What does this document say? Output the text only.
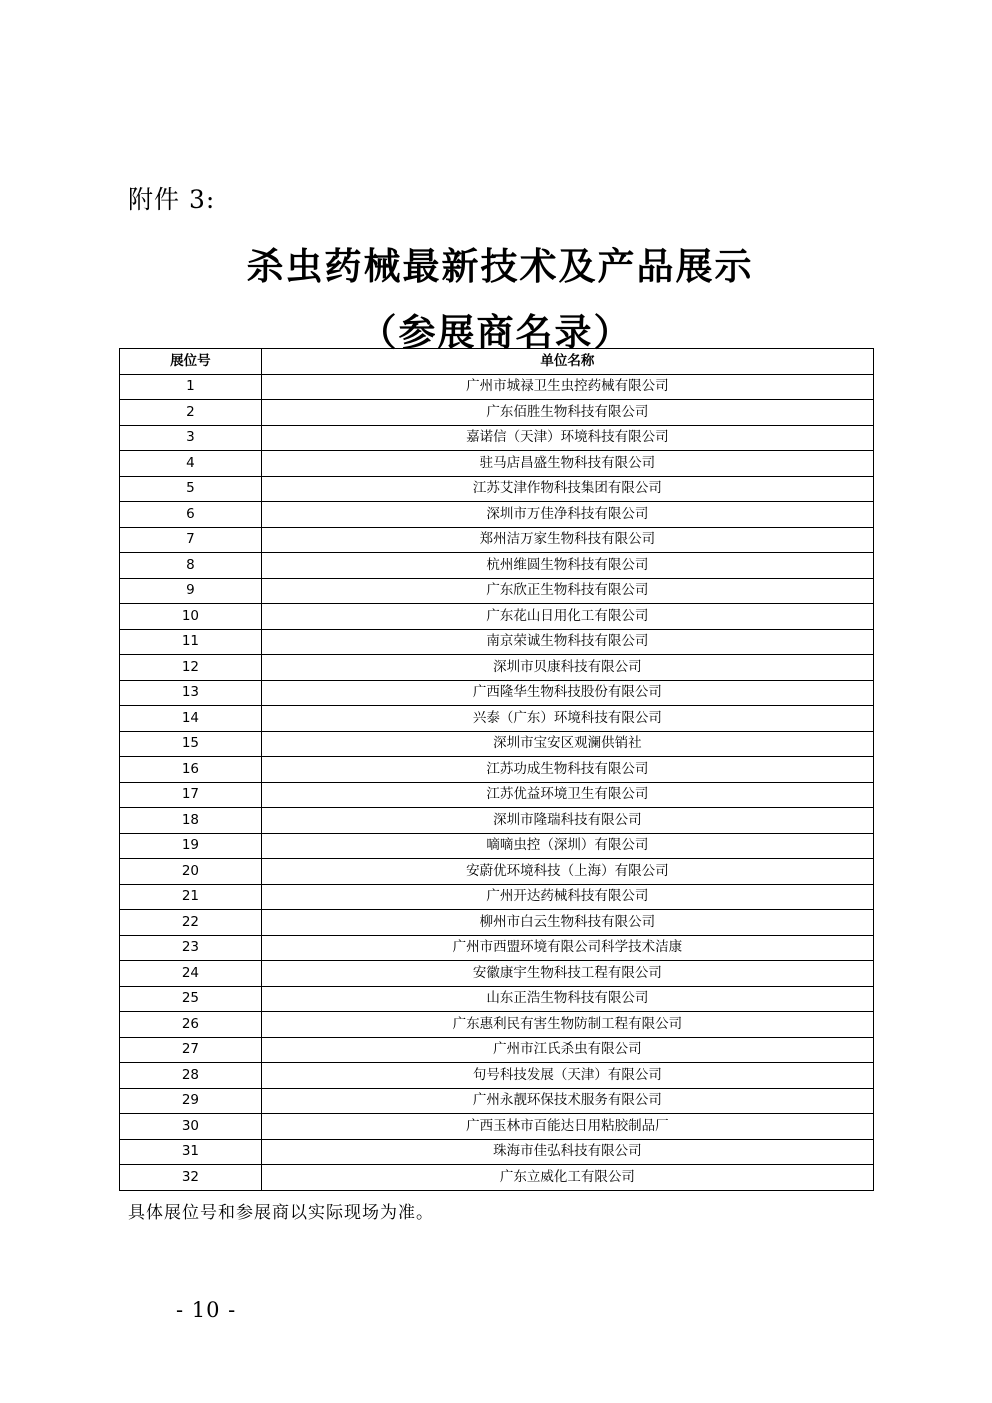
附件 3:
杀虫药械最新技术及产品展示
（参展商名录）
展位号	单位名称
1	广州市城禄卫生虫控药械有限公司
2	广东佰胜生物科技有限公司
3	嘉诺信（天津）环境科技有限公司
4	驻马店昌盛生物科技有限公司
5	江苏艾津作物科技集团有限公司
6	深圳市万佳净科技有限公司
7	郑州洁万家生物科技有限公司
8	杭州维圆生物科技有限公司
9	广东欣正生物科技有限公司
10	广东花山日用化工有限公司
11	南京荣诚生物科技有限公司
12	深圳市贝康科技有限公司
13	广西隆华生物科技股份有限公司
14	兴泰（广东）环境科技有限公司
15	深圳市宝安区观澜供销社
16	江苏功成生物科技有限公司
17	江苏优益环境卫生有限公司
18	深圳市隆瑞科技有限公司
19	嘀嘀虫控（深圳）有限公司
20	安蔚优环境科技（上海）有限公司
21	广州开达药械科技有限公司
22	柳州市白云生物科技有限公司
23	广州市西盟环境有限公司科学技术洁康
24	安徽康宇生物科技工程有限公司
25	山东正浩生物科技有限公司
26	广东惠利民有害生物防制工程有限公司
27	广州市江氏杀虫有限公司
28	句号科技发展（天津）有限公司
29	广州永靓环保技术服务有限公司
30	广西玉林市百能达日用粘胶制品厂
31	珠海市佳弘科技有限公司
32	广东立威化工有限公司
具体展位号和参展商以实际现场为准。
- 10 -
